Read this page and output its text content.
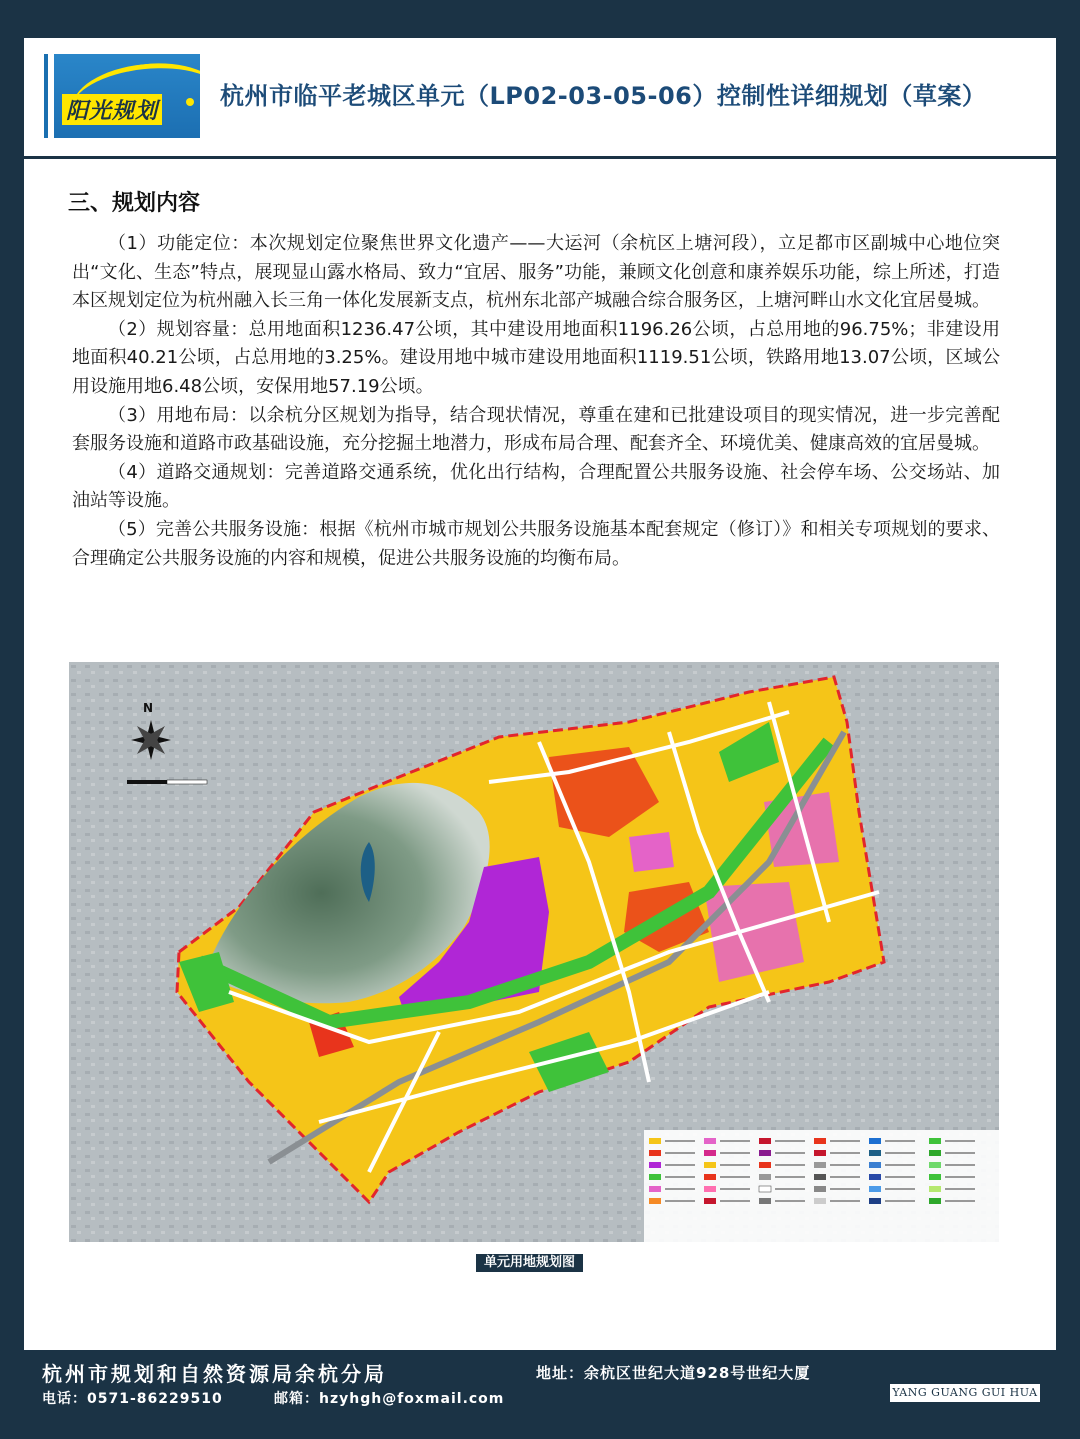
阳光规划
杭州市临平老城区单元（LP02-03-05-06）控制性详细规划（草案）
三、规划内容

（1）功能定位：本次规划定位聚焦世界文化遗产——大运河（余杭区上塘河段），立足都市区副城中心地位突出“文化、生态”特点，展现显山露水格局、致力“宜居、服务”功能，兼顾文化创意和康养娱乐功能，综上所述，打造本区规划定位为杭州融入长三角一体化发展新支点，杭州东北部产城融合综合服务区，上塘河畔山水文化宜居曼城。

（2）规划容量：总用地面积1236.47公顷，其中建设用地面积1196.26公顷，占总用地的96.75%；非建设用地面积40.21公顷，占总用地的3.25%。建设用地中城市建设用地面积1119.51公顷，铁路用地13.07公顷，区域公用设施用地6.48公顷，安保用地57.19公顷。

（3）用地布局：以余杭分区规划为指导，结合现状情况，尊重在建和已批建设项目的现实情况，进一步完善配套服务设施和道路市政基础设施，充分挖掘土地潜力，形成布局合理、配套齐全、环境优美、健康高效的宜居曼城。

（4）道路交通规划：完善道路交通系统，优化出行结构，合理配置公共服务设施、社会停车场、公交场站、加油站等设施。

（5）完善公共服务设施：根据《杭州市城市规划公共服务设施基本配套规定（修订）》和相关专项规划的要求、合理确定公共服务设施的内容和规模，促进公共服务设施的均衡布局。

N
单元用地规划图
杭州市规划和自然资源局余杭分局	地址：余杭区世纪大道928号世纪大厦
电话：0571-86229510	邮箱：hzyhgh@foxmail.com	YANG GUANG GUI HUA
